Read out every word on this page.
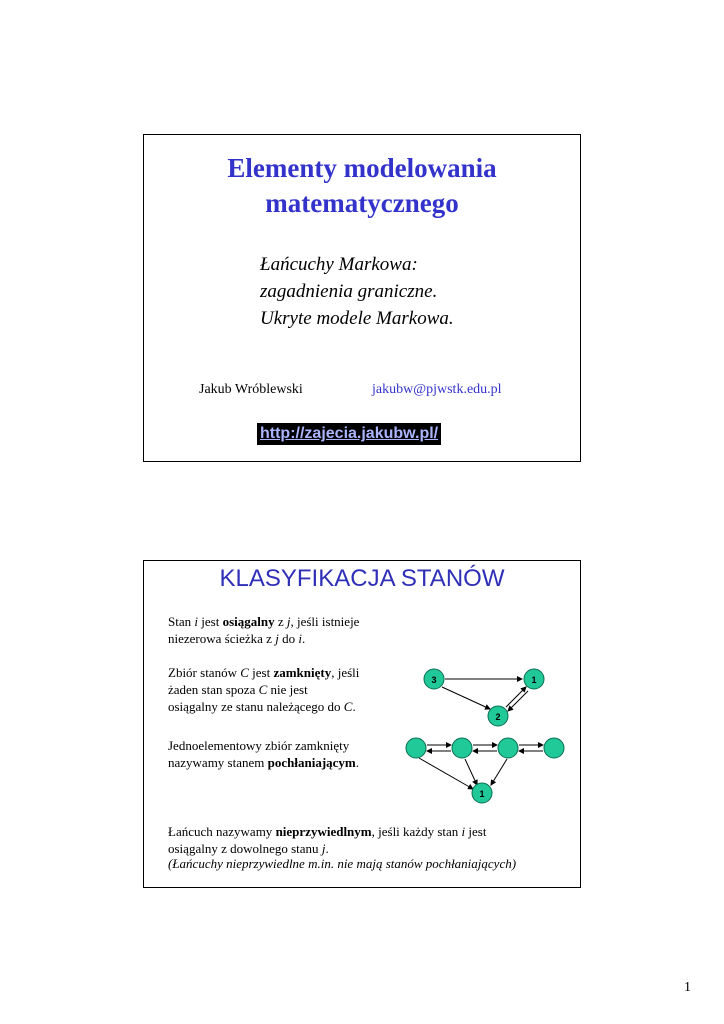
Elementy modelowania
matematycznego
Łańcuchy Markowa:
zagadnienia graniczne.
Ukryte modele Markowa.
Jakub Wróblewski	jakubw@pjwstk.edu.pl
http://zajecia.jakubw.pl/
KLASYFIKACJA STANÓW
Stan i jest osiągalny z j, jeśli istnieje
niezerowa ścieżka z j do i.
Zbiór stanów C jest zamknięty, jeśli
żaden stan spoza C nie jest
osiągalny ze stanu należącego do C.
Jednoelementowy zbiór zamknięty
nazywamy stanem pochłaniającym.
Łańcuch nazywamy nieprzywiedlnym, jeśli każdy stan i jest
osiągalny z dowolnego stanu j.
(Łańcuchy nieprzywiedlne m.in. nie mają stanów pochłaniających)
3	1
2
1
1
